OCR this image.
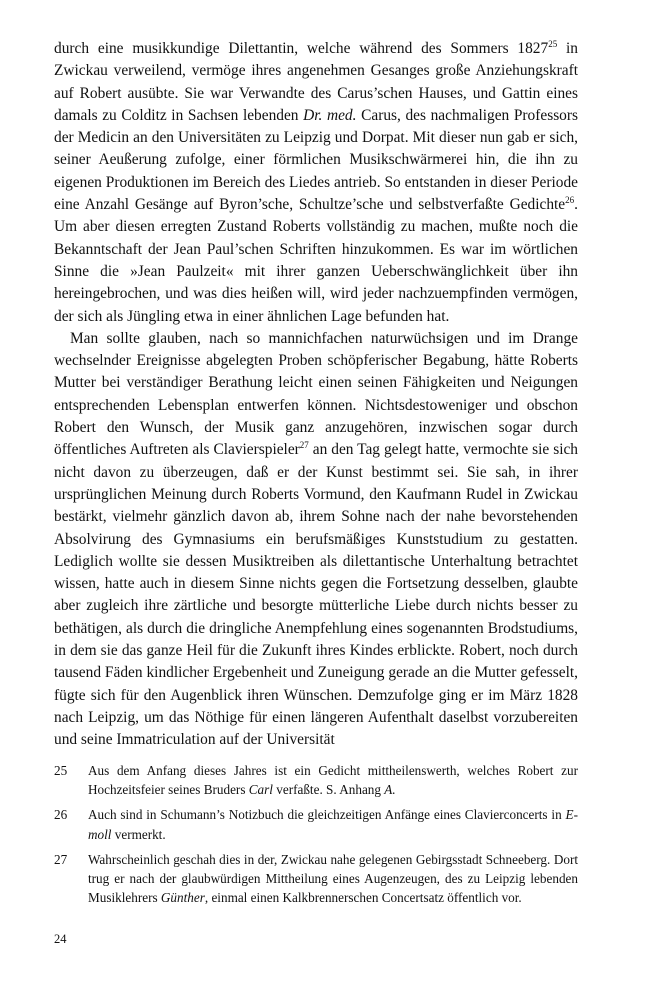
durch eine musikkundige Dilettantin, welche während des Sommers 1827$^{25}$ in Zwickau verweilend, vermöge ihres angenehmen Gesanges große Anziehungskraft auf Robert ausübte. Sie war Verwandte des Carus’schen Hauses, und Gattin eines damals zu Colditz in Sachsen lebenden Dr. med. Carus, des nachmaligen Professors der Medicin an den Universitäten zu Leipzig und Dorpat. Mit dieser nun gab er sich, seiner Aeußerung zufolge, einer förmlichen Musikschwärmerei hin, die ihn zu eigenen Produktionen im Bereich des Liedes antrieb. So entstanden in dieser Periode eine Anzahl Gesänge auf Byron’sche, Schultze’sche und selbstverfaßte Gedichte$^{26}$. Um aber diesen erregten Zustand Roberts vollständig zu machen, mußte noch die Bekanntschaft der Jean Paul’schen Schriften hinzukommen. Es war im wörtlichen Sinne die »Jean Paulzeit« mit ihrer ganzen Ueberschwänglichkeit über ihn hereingebrochen, und was dies heißen will, wird jeder nachzuempfinden vermögen, der sich als Jüngling etwa in einer ähnlichen Lage befunden hat.

Man sollte glauben, nach so mannichfachen naturwüchsigen und im Drange wechselnder Ereignisse abgelegten Proben schöpferischer Begabung, hätte Roberts Mutter bei verständiger Berathung leicht einen seinen Fähigkeiten und Neigungen entsprechenden Lebensplan entwerfen können. Nichtsdestoweniger und obschon Robert den Wunsch, der Musik ganz anzugehören, inzwischen sogar durch öffentliches Auftreten als Clavierspieler$^{27}$ an den Tag gelegt hatte, vermochte sie sich nicht davon zu überzeugen, daß er der Kunst bestimmt sei. Sie sah, in ihrer ursprünglichen Meinung durch Roberts Vormund, den Kaufmann Rudel in Zwickau bestärkt, vielmehr gänzlich davon ab, ihrem Sohne nach der nahe bevorstehenden Absolvirung des Gymnasiums ein berufsmäßiges Kunststudium zu gestatten. Lediglich wollte sie dessen Musiktreiben als dilettantische Unterhaltung betrachtet wissen, hatte auch in diesem Sinne nichts gegen die Fortsetzung desselben, glaubte aber zugleich ihre zärtliche und besorgte mütterliche Liebe durch nichts besser zu bethätigen, als durch die dringliche Anempfehlung eines sogenannten Brodstudiums, in dem sie das ganze Heil für die Zukunft ihres Kindes erblickte. Robert, noch durch tausend Fäden kindlicher Ergebenheit und Zuneigung gerade an die Mutter gefesselt, fügte sich für den Augenblick ihren Wünschen. Demzufolge ging er im März 1828 nach Leipzig, um das Nöthige für einen längeren Aufenthalt daselbst vorzubereiten und seine Immatriculation auf der Universität

25	Aus dem Anfang dieses Jahres ist ein Gedicht mittheilenswerth, welches Robert zur Hochzeitsfeier seines Bruders Carl verfaßte. S. Anhang A.
26	Auch sind in Schumann’s Notizbuch die gleichzeitigen Anfänge eines Clavierconcerts in E-moll vermerkt.
27	Wahrscheinlich geschah dies in der, Zwickau nahe gelegenen Gebirgsstadt Schneeberg. Dort trug er nach der glaubwürdigen Mittheilung eines Augenzeugen, des zu Leipzig lebenden Musiklehrers Günther, einmal einen Kalkbrennerschen Concertsatz öffentlich vor.
24
